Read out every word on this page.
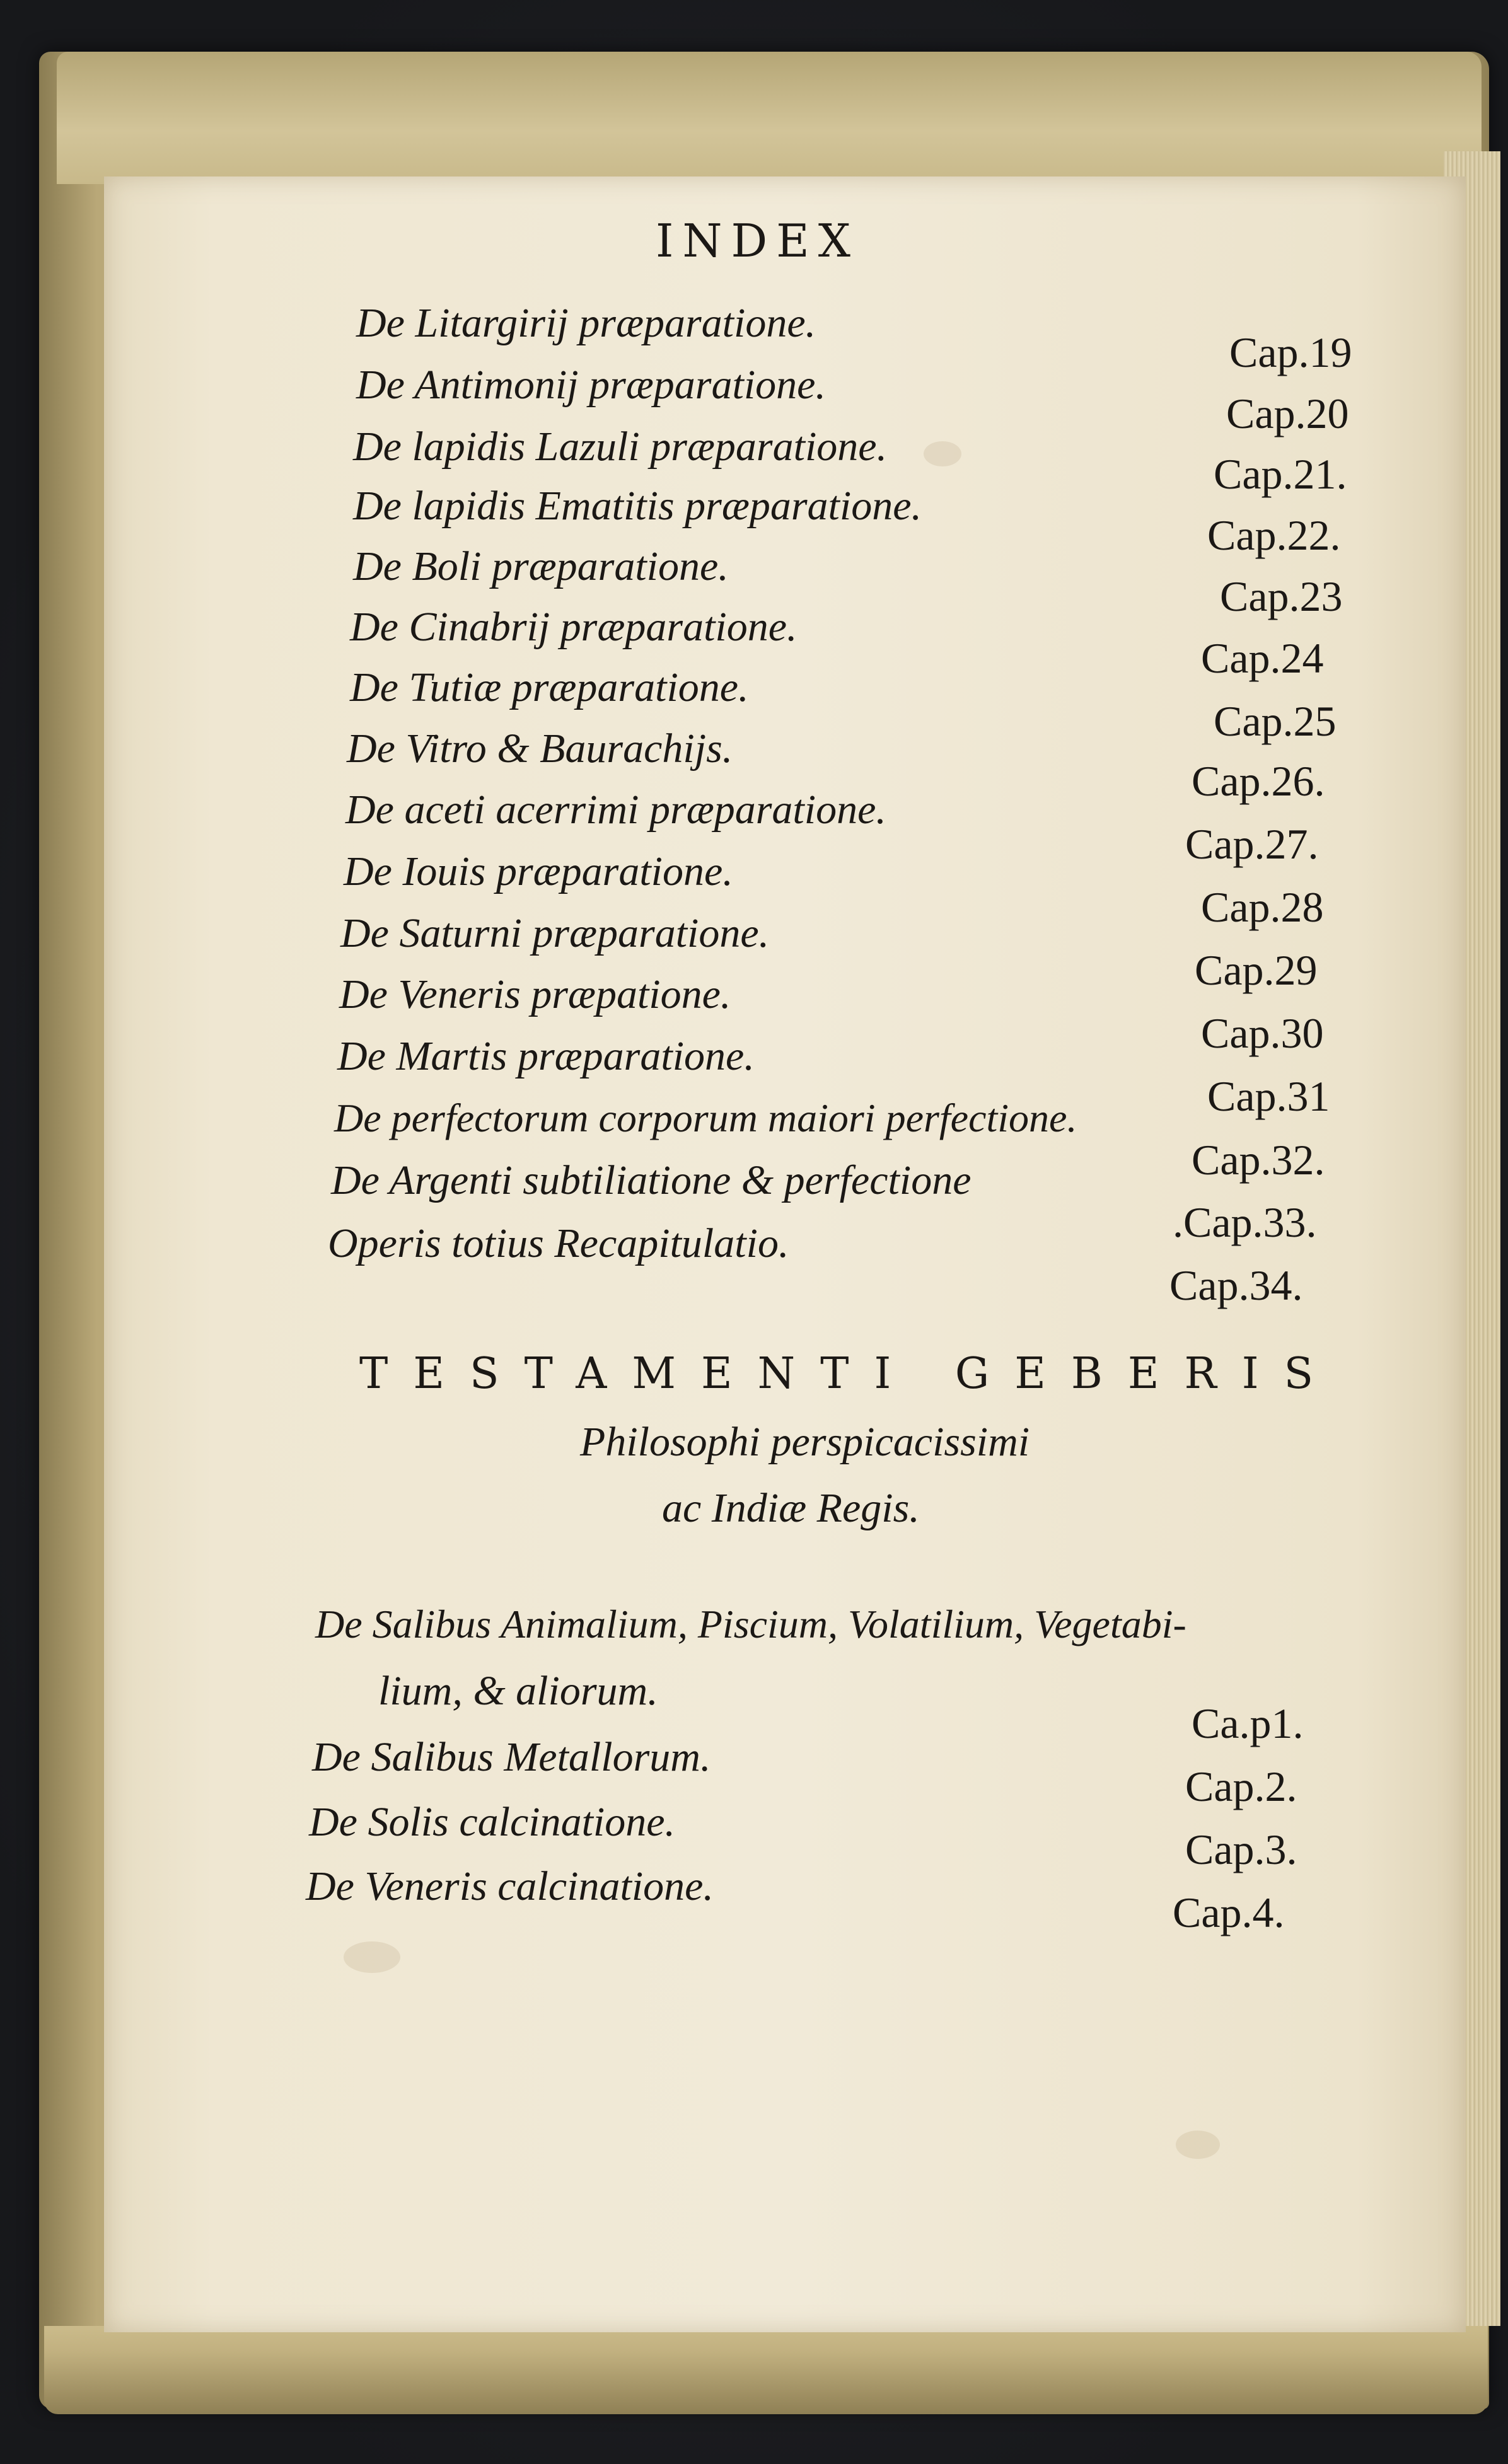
INDEX
De Litargirij præparatione.
Cap.19
De Antimonij præparatione.
Cap.20
De lapidis Lazuli præparatione.
Cap.21.
De lapidis Ematitis præparatione.
Cap.22.
De Boli præparatione.
Cap.23
De Cinabrij præparatione.
Cap.24
De Tutiæ præparatione.
Cap.25
De Vitro & Baurachijs.
Cap.26.
De aceti acerrimi præparatione.
Cap.27.
De Iouis præparatione.
Cap.28
De Saturni præparatione.
Cap.29
De Veneris præpatione.
Cap.30
De Martis præparatione.
Cap.31
De perfectorum corporum maiori perfectione.
Cap.32.
De Argenti subtiliatione & perfectione
.Cap.33.
Operis totius Recapitulatio.
Cap.34.
TESTAMENTI GEBERIS
Philosophi perspicacissimi
ac Indiæ Regis.
De Salibus Animalium, Piscium, Volatilium, Vegetabi-
lium, & aliorum.
Ca.p1.
De Salibus Metallorum.
Cap.2.
De Solis calcinatione.
Cap.3.
De Veneris calcinatione.
Cap.4.
